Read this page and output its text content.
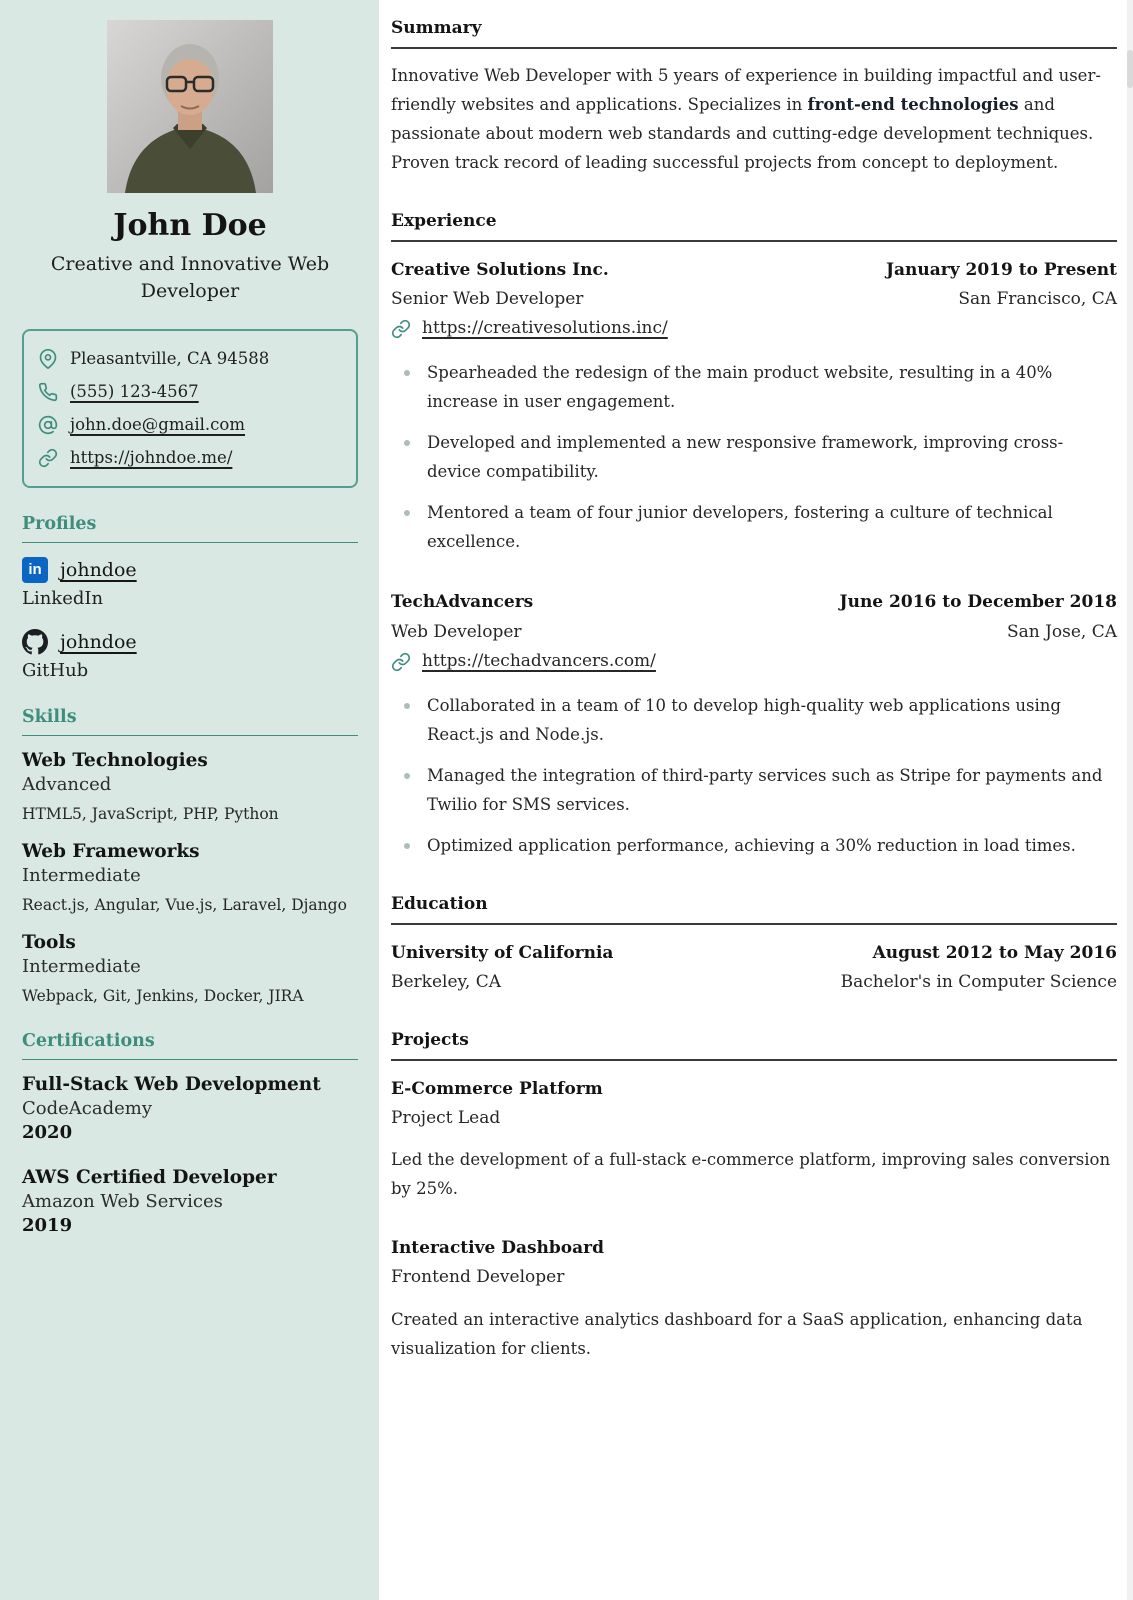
John Doe

Creative and Innovative Web Developer

Pleasantville, CA 94588
(555) 123-4567
john.doe@gmail.com
https://johndoe.me/
Profiles
in johndoe
LinkedIn
johndoe
GitHub
Skills
Web Technologies
Advanced
HTML5, JavaScript, PHP, Python
Web Frameworks
Intermediate
React.js, Angular, Vue.js, Laravel, Django
Tools
Intermediate
Webpack, Git, Jenkins, Docker, JIRA
Certifications
Full-Stack Web Development
CodeAcademy
2020
AWS Certified Developer
Amazon Web Services
2019
Summary

Innovative Web Developer with 5 years of experience in building impactful and user-friendly websites and applications. Specializes in front-end technologies and passionate about modern web standards and cutting-edge development techniques. Proven track record of leading successful projects from concept to deployment.

Experience
Creative Solutions Inc.	January 2019 to Present
Senior Web Developer	San Francisco, CA
https://creativesolutions.inc/
Spearheaded the redesign of the main product website, resulting in a 40% increase in user engagement.
Developed and implemented a new responsive framework, improving cross-device compatibility.
Mentored a team of four junior developers, fostering a culture of technical excellence.
TechAdvancers	June 2016 to December 2018
Web Developer	San Jose, CA
https://techadvancers.com/
Collaborated in a team of 10 to develop high-quality web applications using React.js and Node.js.
Managed the integration of third-party services such as Stripe for payments and Twilio for SMS services.
Optimized application performance, achieving a 30% reduction in load times.
Education
University of California	August 2012 to May 2016
Berkeley, CA	Bachelor's in Computer Science
Projects
E-Commerce Platform
Project Lead

Led the development of a full-stack e-commerce platform, improving sales conversion by 25%.

Interactive Dashboard
Frontend Developer

Created an interactive analytics dashboard for a SaaS application, enhancing data visualization for clients.
